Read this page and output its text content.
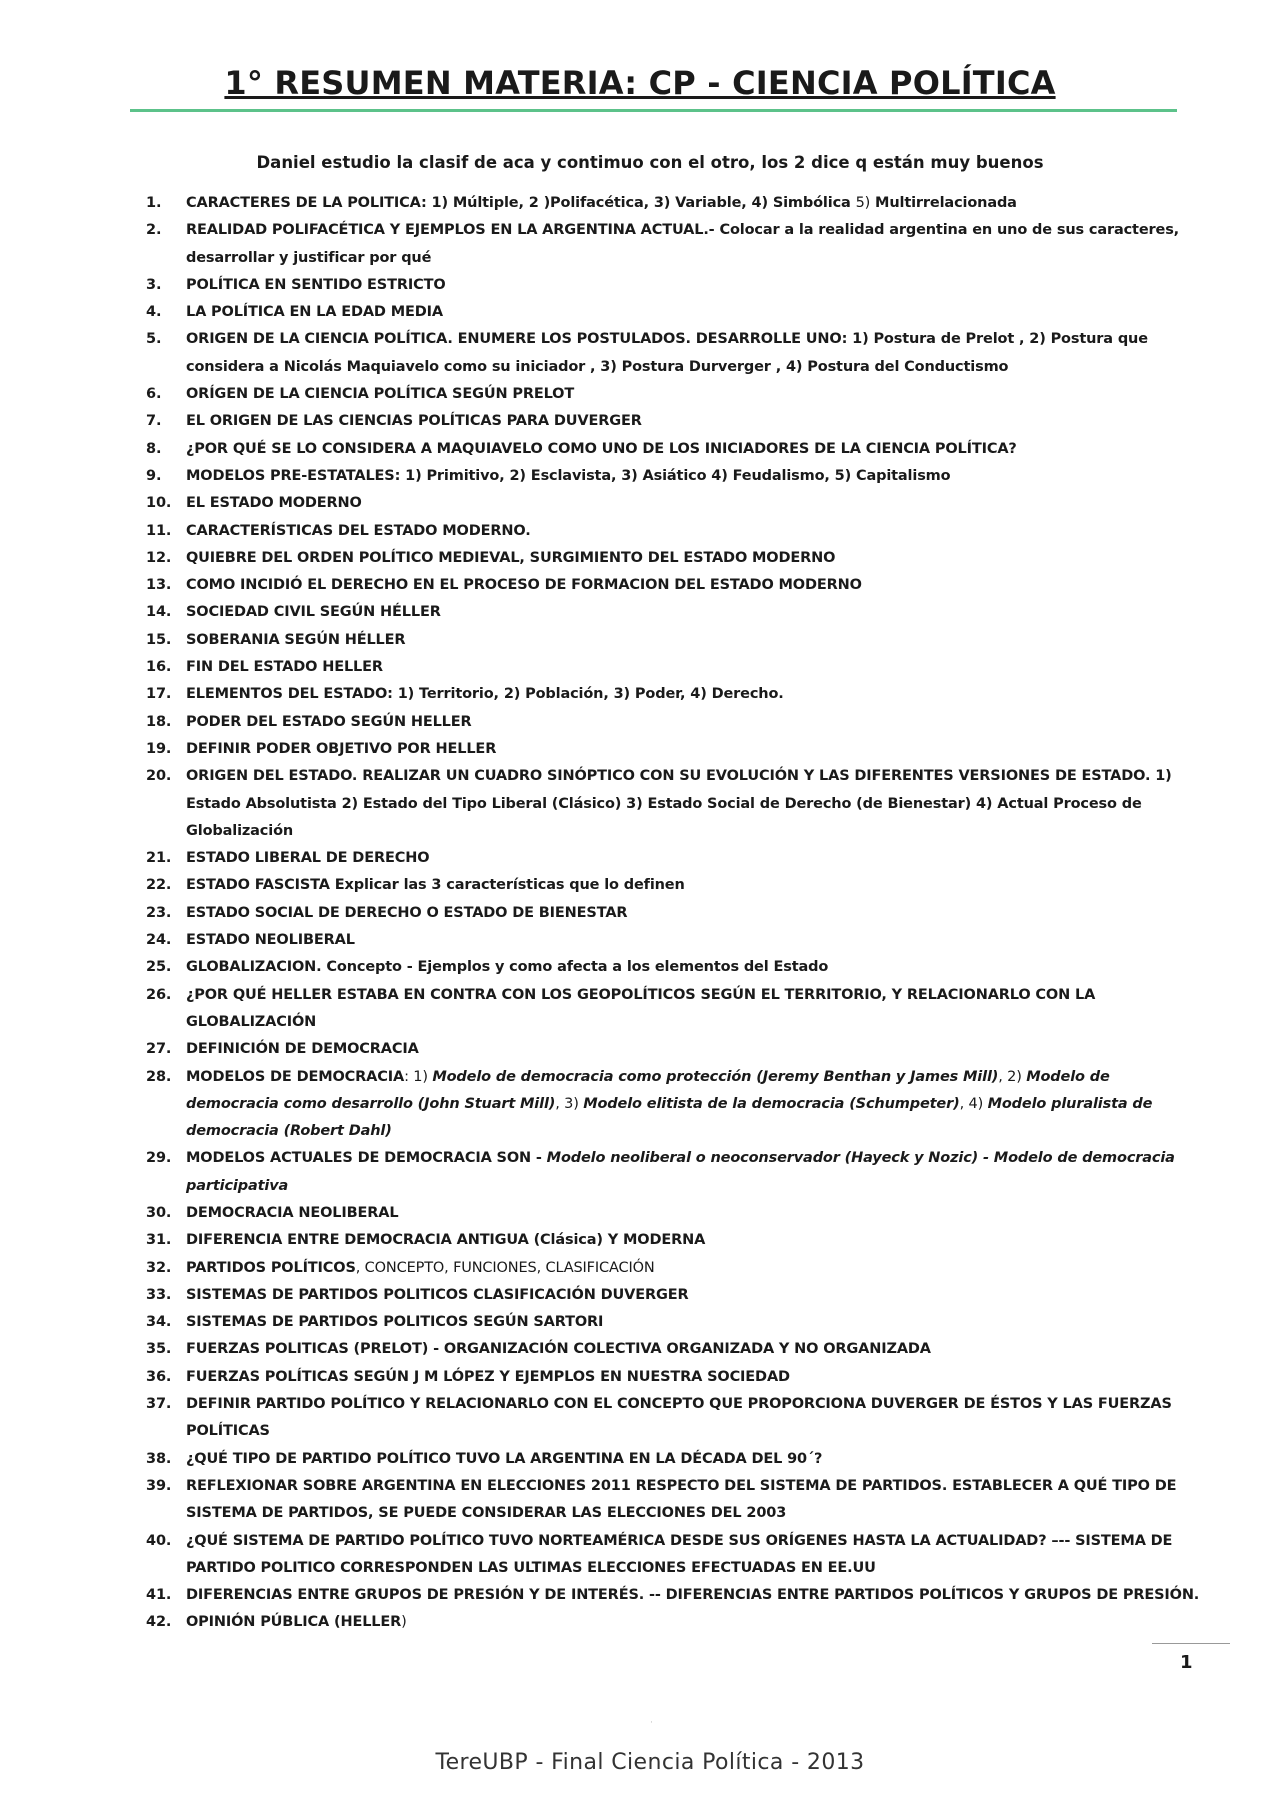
1° RESUMEN MATERIA: CP - CIENCIA POLÍTICA
Daniel estudio la clasif de aca y contimuo con el otro, los 2 dice q están muy buenos
1. CARACTERES DE LA POLITICA: 1) Múltiple, 2 )Polifacética, 3) Variable, 4) Simbólica 5) Multirrelacionada
2. REALIDAD POLIFACÉTICA Y EJEMPLOS EN LA ARGENTINA ACTUAL.- Colocar a la realidad argentina en uno de sus caracteres, desarrollar y justificar por qué
3. POLÍTICA EN SENTIDO ESTRICTO
4. LA POLÍTICA EN LA EDAD MEDIA
5. ORIGEN DE LA CIENCIA POLÍTICA. ENUMERE LOS POSTULADOS. DESARROLLE UNO: 1) Postura de Prelot , 2) Postura que considera a Nicolás Maquiavelo como su iniciador , 3) Postura Durverger , 4) Postura del Conductismo
6. ORÍGEN DE LA CIENCIA POLÍTICA SEGÚN PRELOT
7. EL ORIGEN DE LAS CIENCIAS POLÍTICAS PARA DUVERGER
8. ¿POR QUÉ SE LO CONSIDERA A MAQUIAVELO COMO UNO DE LOS INICIADORES DE LA CIENCIA POLÍTICA?
9. MODELOS PRE-ESTATALES: 1) Primitivo, 2) Esclavista, 3) Asiático 4) Feudalismo, 5) Capitalismo
10. EL ESTADO MODERNO
11. CARACTERÍSTICAS DEL ESTADO MODERNO.
12. QUIEBRE DEL ORDEN POLÍTICO MEDIEVAL, SURGIMIENTO DEL ESTADO MODERNO
13. COMO INCIDIÓ EL DERECHO EN EL PROCESO DE FORMACION DEL ESTADO MODERNO
14. SOCIEDAD CIVIL SEGÚN HÉLLER
15. SOBERANIA SEGÚN HÉLLER
16. FIN DEL ESTADO HELLER
17. ELEMENTOS DEL ESTADO: 1) Territorio, 2) Población, 3) Poder, 4) Derecho.
18. PODER DEL ESTADO SEGÚN HELLER
19. DEFINIR PODER OBJETIVO POR HELLER
20. ORIGEN DEL ESTADO. REALIZAR UN CUADRO SINÓPTICO CON SU EVOLUCIÓN Y LAS DIFERENTES VERSIONES DE ESTADO. 1) Estado Absolutista 2) Estado del Tipo Liberal (Clásico) 3) Estado Social de Derecho (de Bienestar) 4) Actual Proceso de Globalización
21. ESTADO LIBERAL DE DERECHO
22. ESTADO FASCISTA Explicar las 3 características que lo definen
23. ESTADO SOCIAL DE DERECHO O ESTADO DE BIENESTAR
24. ESTADO NEOLIBERAL
25. GLOBALIZACION. Concepto - Ejemplos y como afecta a los elementos del Estado
26. ¿POR QUÉ HELLER ESTABA EN CONTRA CON LOS GEOPOLÍTICOS SEGÚN EL TERRITORIO, Y RELACIONARLO CON LA GLOBALIZACIÓN
27. DEFINICIÓN DE DEMOCRACIA
28. MODELOS DE DEMOCRACIA: 1) Modelo de democracia como protección (Jeremy Benthan y James Mill), 2) Modelo de democracia como desarrollo (John Stuart Mill), 3) Modelo elitista de la democracia (Schumpeter), 4) Modelo pluralista de democracia (Robert Dahl)
29. MODELOS ACTUALES DE DEMOCRACIA SON - Modelo neoliberal o neoconservador (Hayeck y Nozic) - Modelo de democracia participativa
30. DEMOCRACIA NEOLIBERAL
31. DIFERENCIA ENTRE DEMOCRACIA ANTIGUA (Clásica) Y MODERNA
32. PARTIDOS POLÍTICOS, CONCEPTO, FUNCIONES, CLASIFICACIÓN
33. SISTEMAS DE PARTIDOS POLITICOS CLASIFICACIÓN DUVERGER
34. SISTEMAS DE PARTIDOS POLITICOS SEGÚN SARTORI
35. FUERZAS POLITICAS (PRELOT) - ORGANIZACIÓN COLECTIVA ORGANIZADA Y NO ORGANIZADA
36. FUERZAS POLÍTICAS SEGÚN J M LÓPEZ Y EJEMPLOS EN NUESTRA SOCIEDAD
37. DEFINIR PARTIDO POLÍTICO Y RELACIONARLO CON EL CONCEPTO QUE PROPORCIONA DUVERGER DE ÉSTOS Y LAS FUERZAS POLÍTICAS
38. ¿QUÉ TIPO DE PARTIDO POLÍTICO TUVO LA ARGENTINA EN LA DÉCADA DEL 90´?
39. REFLEXIONAR SOBRE ARGENTINA EN ELECCIONES 2011 RESPECTO DEL SISTEMA DE PARTIDOS. ESTABLECER A QUÉ TIPO DE SISTEMA DE PARTIDOS, SE PUEDE CONSIDERAR LAS ELECCIONES DEL 2003
40. ¿QUÉ SISTEMA DE PARTIDO POLÍTICO TUVO NORTEAMÉRICA DESDE SUS ORÍGENES HASTA LA ACTUALIDAD? –-- SISTEMA DE PARTIDO POLITICO CORRESPONDEN LAS ULTIMAS ELECCIONES EFECTUADAS EN EE.UU
41. DIFERENCIAS ENTRE GRUPOS DE PRESIÓN Y DE INTERÉS. -- DIFERENCIAS ENTRE PARTIDOS POLÍTICOS Y GRUPOS DE PRESIÓN.
42. OPINIÓN PÚBLICA (HELLER)
1
·
TereUBP - Final Ciencia Política - 2013
